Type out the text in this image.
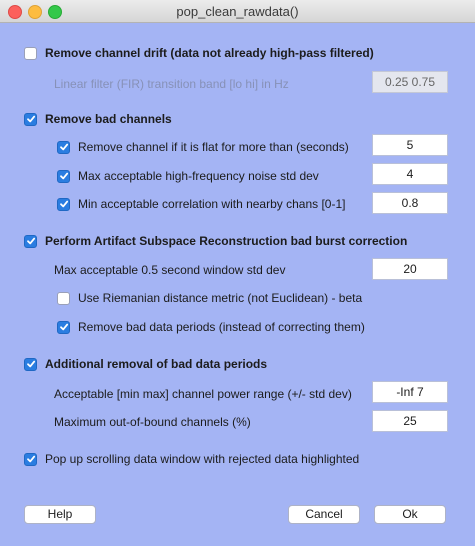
pop_clean_rawdata()
Remove channel drift (data not already high-pass filtered)
Linear filter (FIR) transition band [lo hi] in Hz	0.25 0.75
Remove bad channels
Remove channel if it is flat for more than (seconds)	5
Max acceptable high-frequency noise std dev	4
Min acceptable correlation with nearby chans [0-1]	0.8
Perform Artifact Subspace Reconstruction bad burst correction
Max acceptable 0.5 second window std dev	20
Use Riemanian distance metric (not Euclidean) - beta
Remove bad data periods (instead of correcting them)
Additional removal of bad data periods
Acceptable [min max] channel power range (+/- std dev)	-Inf 7
Maximum out-of-bound channels (%)	25
Pop up scrolling data window with rejected data highlighted
Help	Cancel	Ok
